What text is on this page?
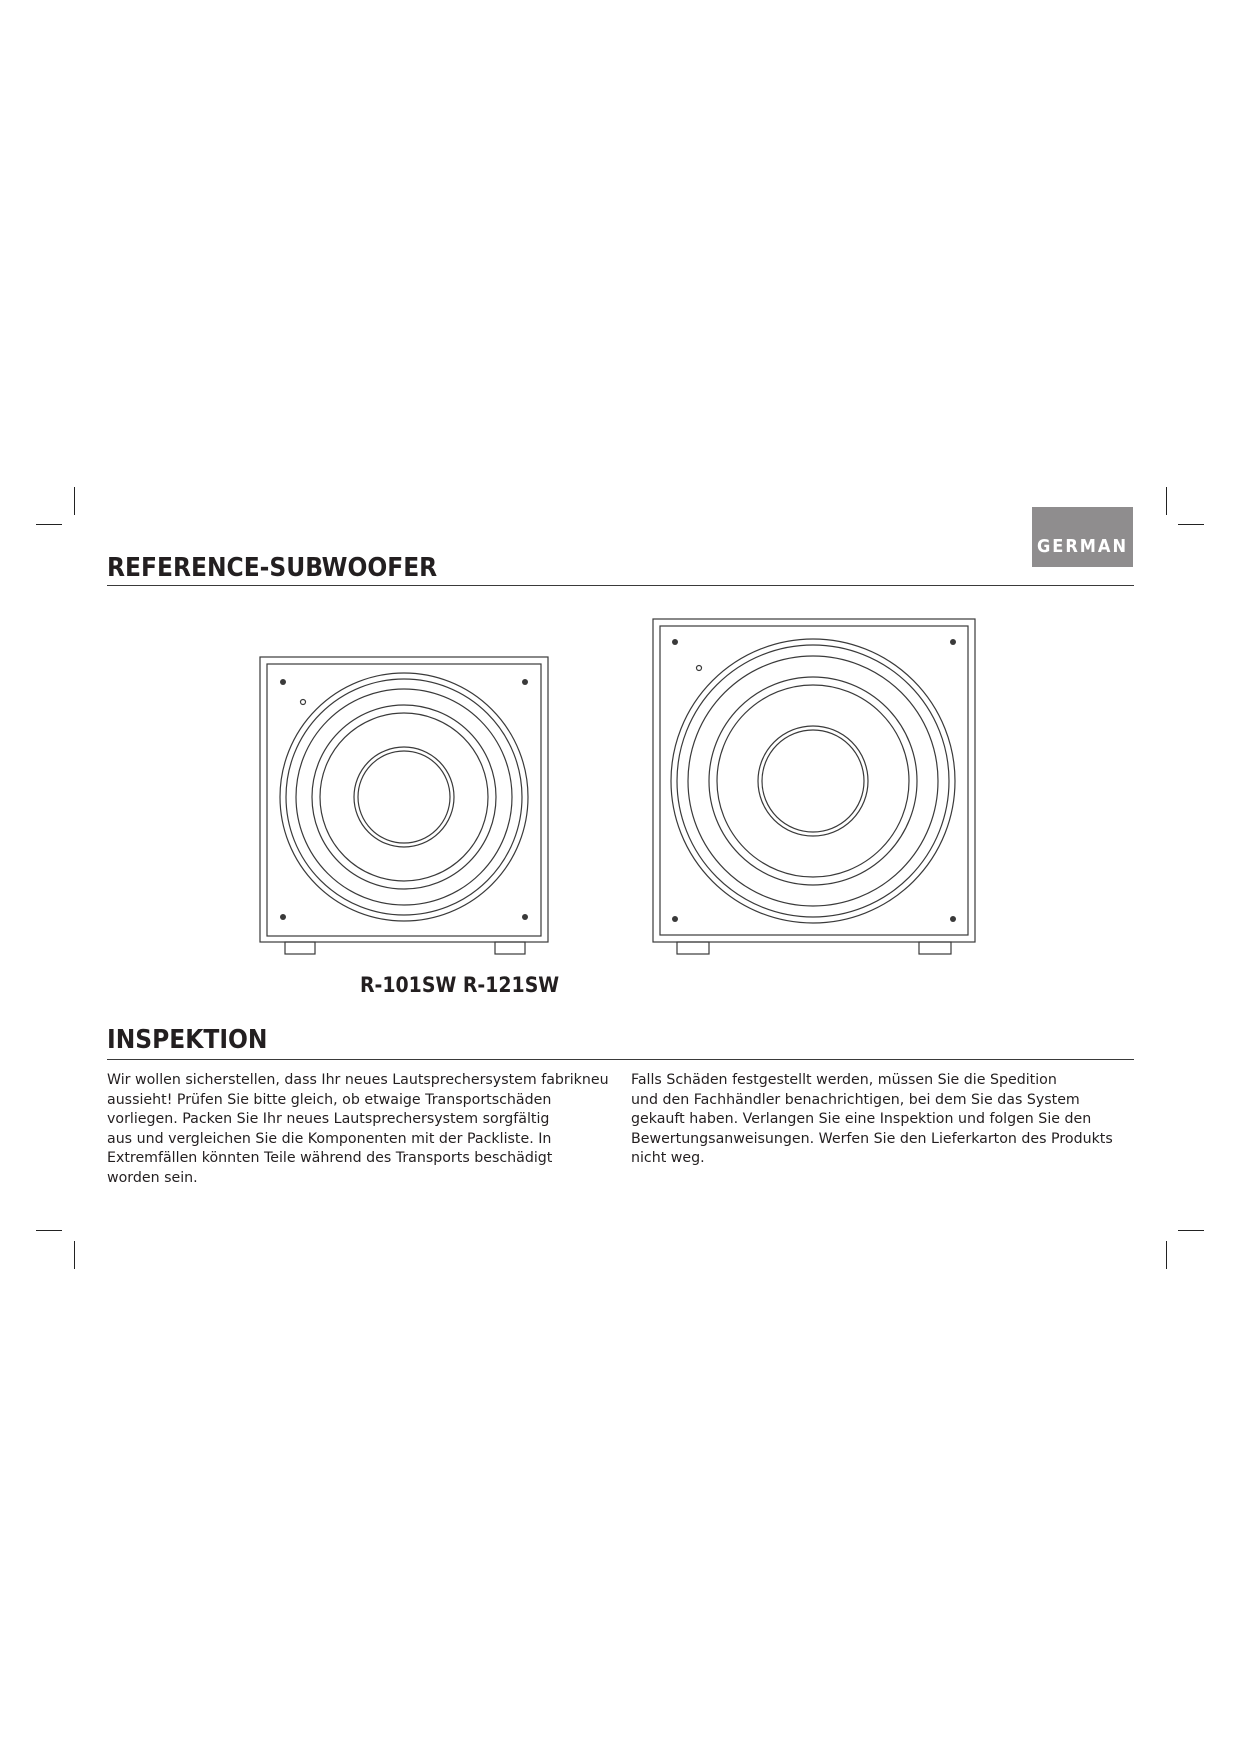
GERMAN
REFERENCE-SUBWOOFER

R-101SW R-121SW

INSPEKTION

Wir wollen sicherstellen, dass Ihr neues Lautsprechersystem fabrikneu
aussieht! Prüfen Sie bitte gleich, ob etwaige Transportschäden
vorliegen. Packen Sie Ihr neues Lautsprechersystem sorgfältig
aus und vergleichen Sie die Komponenten mit der Packliste. In
Extremfällen könnten Teile während des Transports beschädigt
worden sein.

Falls Schäden festgestellt werden, müssen Sie die Spedition
und den Fachhändler benachrichtigen, bei dem Sie das System
gekauft haben. Verlangen Sie eine Inspektion und folgen Sie den
Bewertungsanweisungen. Werfen Sie den Lieferkarton des Produkts
nicht weg.
